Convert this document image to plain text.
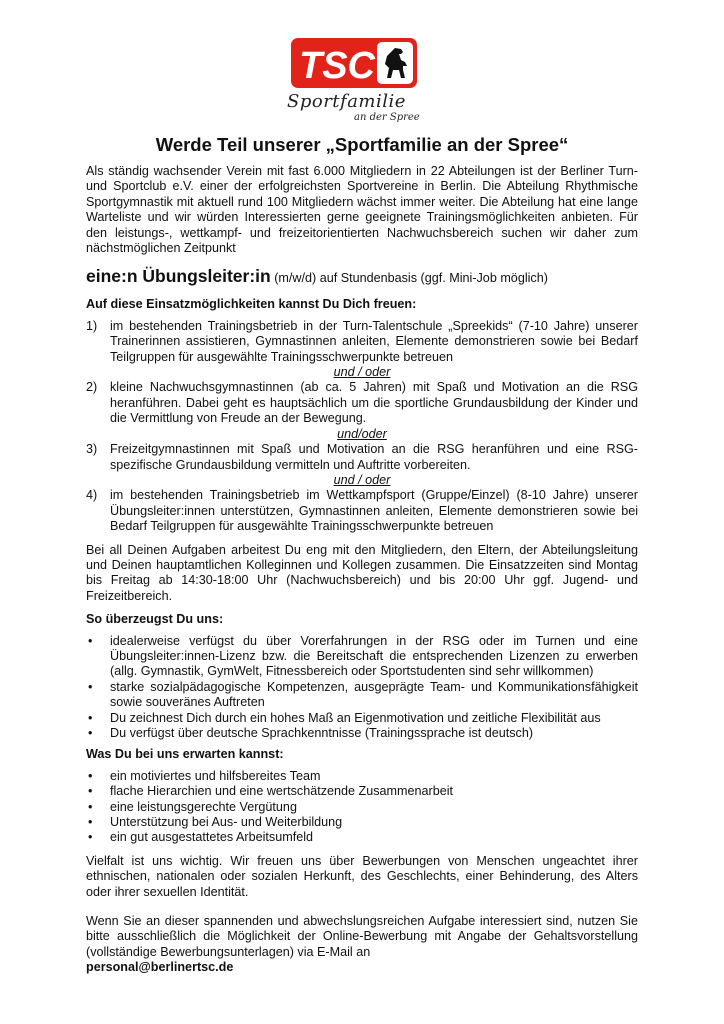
TSC
Sportfamilie
an der Spree
Werde Teil unserer „Sportfamilie an der Spree“

Als ständig wachsender Verein mit fast 6.000 Mitgliedern in 22 Abteilungen ist der Berliner Turn- und Sportclub e.V. einer der erfolgreichsten Sportvereine in Berlin. Die Abteilung Rhythmische Sportgymnastik mit aktuell rund 100 Mitgliedern wächst immer weiter. Die Abteilung hat eine lange Warteliste und wir würden Interessierten gerne geeignete Trainingsmöglichkeiten anbieten. Für den leistungs-, wettkampf- und freizeitorientierten Nachwuchsbereich suchen wir daher zum nächstmöglichen Zeitpunkt

eine:n Übungsleiter:in (m/w/d) auf Stundenbasis (ggf. Mini-Job möglich)
Auf diese Einsatzmöglichkeiten kannst Du Dich freuen:
1) im bestehenden Trainingsbetrieb in der Turn-Talentschule „Spreekids“ (7-10 Jahre) unserer Trainerinnen assistieren, Gymnastinnen anleiten, Elemente demonstrieren sowie bei Bedarf Teilgruppen für ausgewählte Trainingsschwerpunkte betreuen
und / oder
2) kleine Nachwuchsgymnastinnen (ab ca. 5 Jahren) mit Spaß und Motivation an die RSG heranführen. Dabei geht es hauptsächlich um die sportliche Grundausbildung der Kinder und die Vermittlung von Freude an der Bewegung.
und/oder
3) Freizeitgymnastinnen mit Spaß und Motivation an die RSG heranführen und eine RSG-spezifische Grundausbildung vermitteln und Auftritte vorbereiten.
und / oder
4) im bestehenden Trainingsbetrieb im Wettkampfsport (Gruppe/Einzel) (8-10 Jahre) unserer Übungsleiter:innen unterstützen, Gymnastinnen anleiten, Elemente demonstrieren sowie bei Bedarf Teilgruppen für ausgewählte Trainingsschwerpunkte betreuen

Bei all Deinen Aufgaben arbeitest Du eng mit den Mitgliedern, den Eltern, der Abteilungsleitung und Deinen hauptamtlichen Kolleginnen und Kollegen zusammen. Die Einsatzzeiten sind Montag bis Freitag ab 14:30-18:00 Uhr (Nachwuchsbereich) und bis 20:00 Uhr ggf. Jugend- und Freizeitbereich.

So überzeugst Du uns:
• idealerweise verfügst du über Vorerfahrungen in der RSG oder im Turnen und eine Übungsleiter:innen-Lizenz bzw. die Bereitschaft die entsprechenden Lizenzen zu erwerben (allg. Gymnastik, GymWelt, Fitnessbereich oder Sportstudenten sind sehr willkommen)
• starke sozialpädagogische Kompetenzen, ausgeprägte Team- und Kommunikationsfähigkeit sowie souveränes Auftreten
• Du zeichnest Dich durch ein hohes Maß an Eigenmotivation und zeitliche Flexibilität aus
• Du verfügst über deutsche Sprachkenntnisse (Trainingssprache ist deutsch)
Was Du bei uns erwarten kannst:
• ein motiviertes und hilfsbereites Team
• flache Hierarchien und eine wertschätzende Zusammenarbeit
• eine leistungsgerechte Vergütung
• Unterstützung bei Aus- und Weiterbildung
• ein gut ausgestattetes Arbeitsumfeld

Vielfalt ist uns wichtig. Wir freuen uns über Bewerbungen von Menschen ungeachtet ihrer ethnischen, nationalen oder sozialen Herkunft, des Geschlechts, einer Behinderung, des Alters oder ihrer sexuellen Identität.

Wenn Sie an dieser spannenden und abwechslungsreichen Aufgabe interessiert sind, nutzen Sie bitte ausschließlich die Möglichkeit der Online-Bewerbung mit Angabe der Gehaltsvorstellung (vollständige Bewerbungsunterlagen) via E-Mail an

personal@berlinertsc.de
